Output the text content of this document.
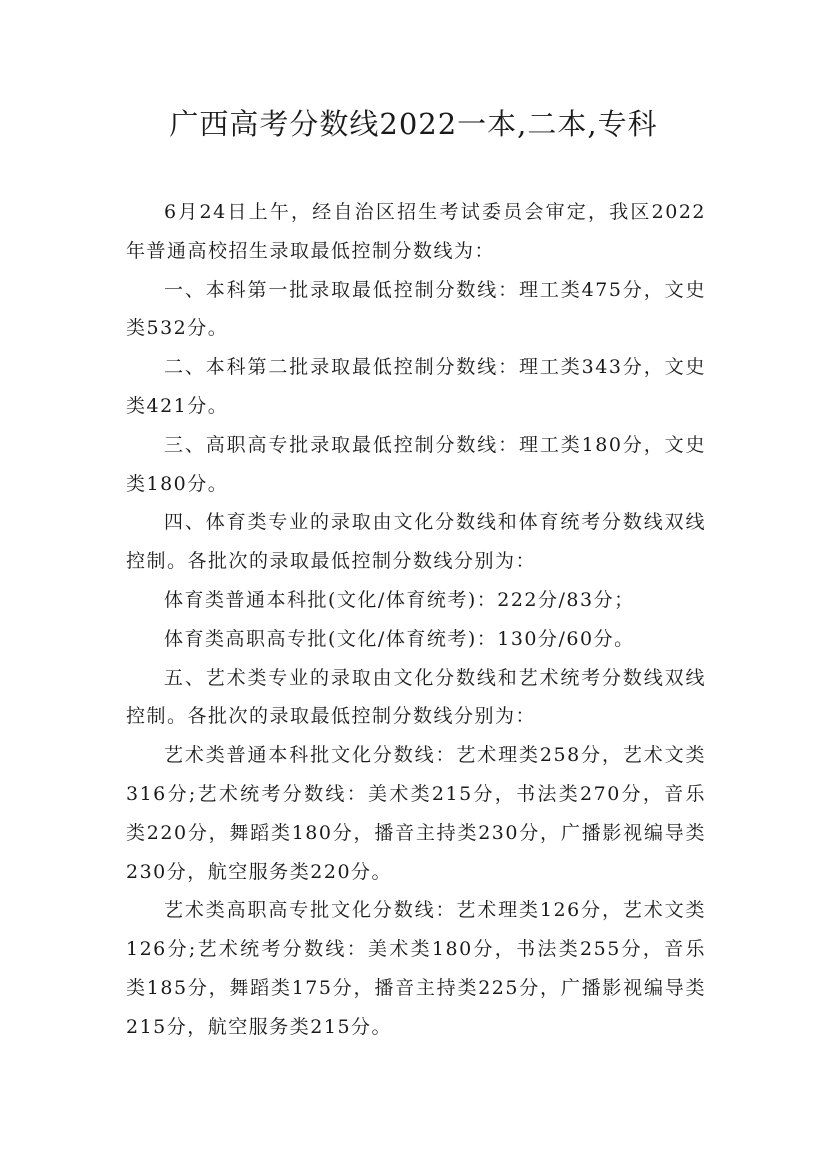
广西高考分数线2022一本,二本,专科

6月24日上午，经自治区招生考试委员会审定，我区2022年普通高校招生录取最低控制分数线为：

一、本科第一批录取最低控制分数线：理工类475分，文史类532分。

二、本科第二批录取最低控制分数线：理工类343分，文史类421分。

三、高职高专批录取最低控制分数线：理工类180分，文史类180分。

四、体育类专业的录取由文化分数线和体育统考分数线双线控制。各批次的录取最低控制分数线分别为：

体育类普通本科批(文化/体育统考)：222分/83分；

体育类高职高专批(文化/体育统考)：130分/60分。

五、艺术类专业的录取由文化分数线和艺术统考分数线双线控制。各批次的录取最低控制分数线分别为：

艺术类普通本科批文化分数线：艺术理类258分，艺术文类316分;艺术统考分数线：美术类215分，书法类270分，音乐类220分，舞蹈类180分，播音主持类230分，广播影视编导类230分，航空服务类220分。

艺术类高职高专批文化分数线：艺术理类126分，艺术文类126分;艺术统考分数线：美术类180分，书法类255分，音乐类185分，舞蹈类175分，播音主持类225分，广播影视编导类215分，航空服务类215分。
